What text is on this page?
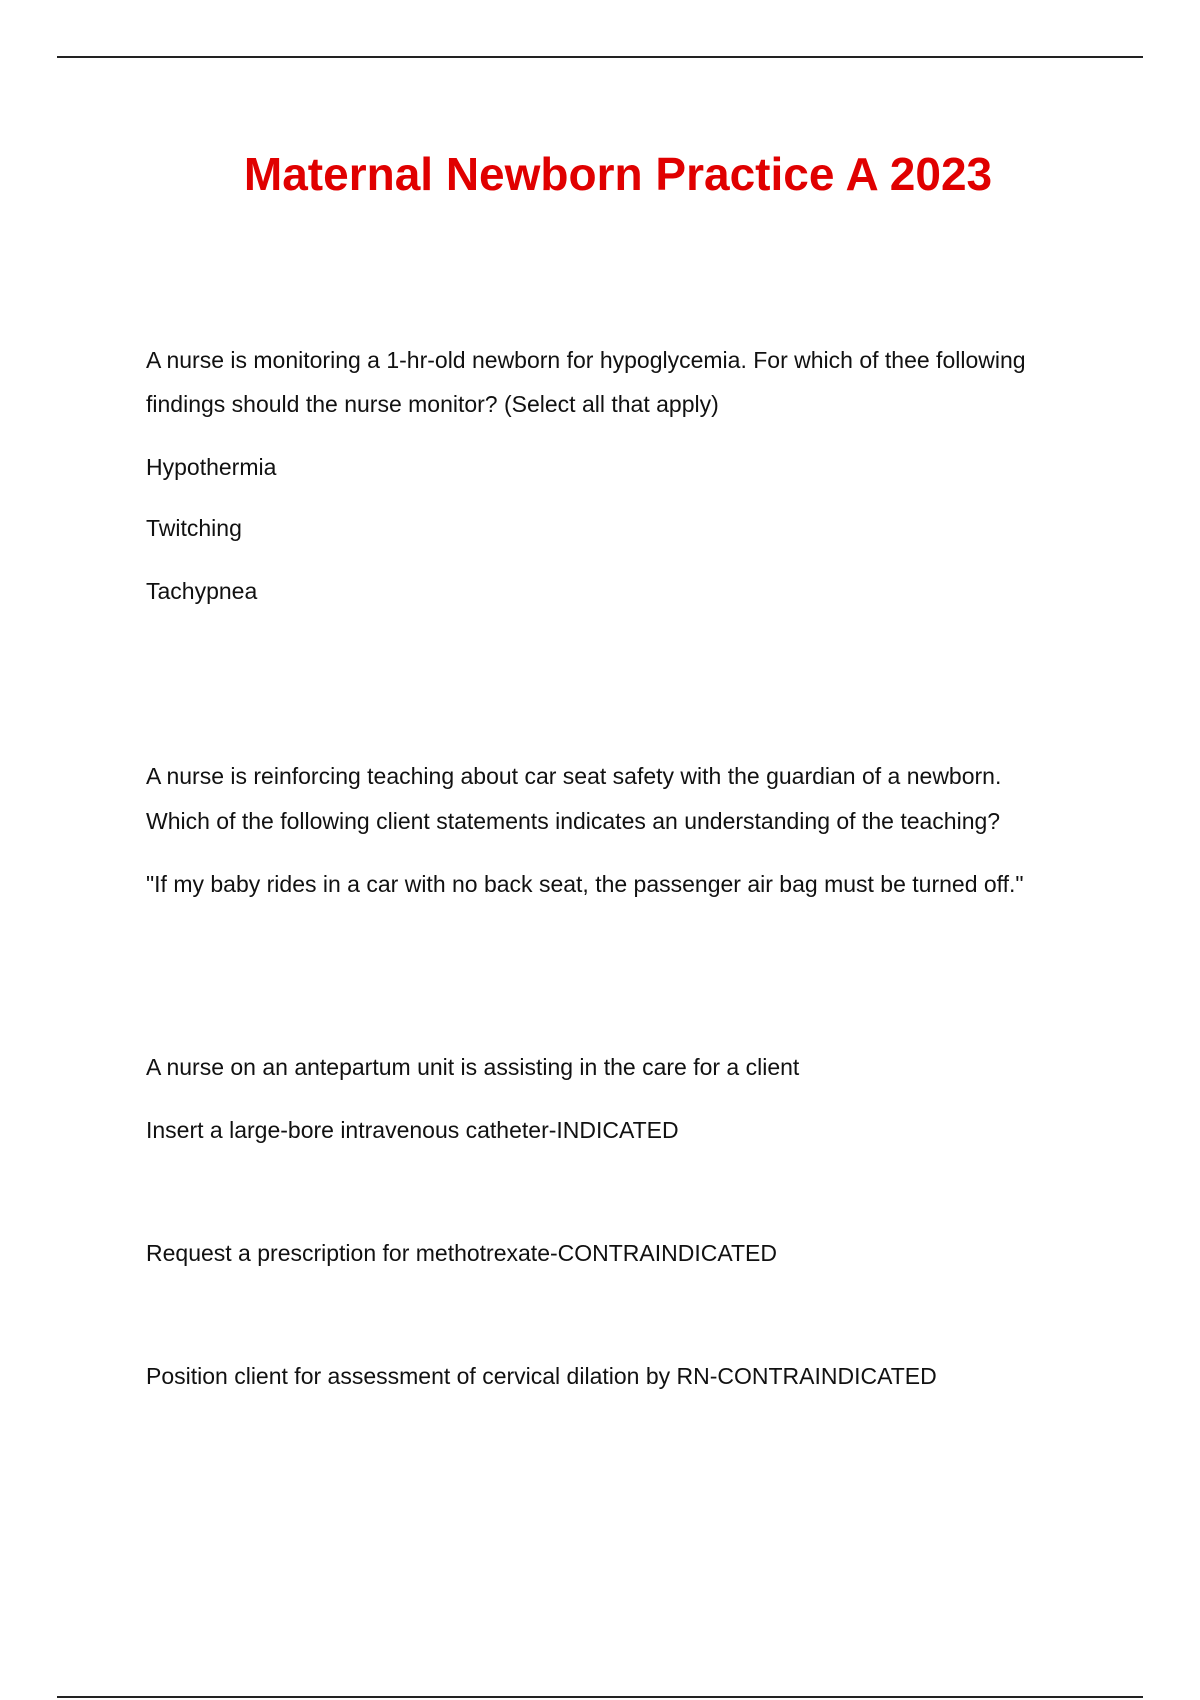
Maternal Newborn Practice A 2023

A nurse is monitoring a 1-hr-old newborn for hypoglycemia. For which of thee following

findings should the nurse monitor? (Select all that apply)

Hypothermia

Twitching

Tachypnea

A nurse is reinforcing teaching about car seat safety with the guardian of a newborn.

Which of the following client statements indicates an understanding of the teaching?

"If my baby rides in a car with no back seat, the passenger air bag must be turned off."

A nurse on an antepartum unit is assisting in the care for a client

Insert a large-bore intravenous catheter-INDICATED

Request a prescription for methotrexate-CONTRAINDICATED

Position client for assessment of cervical dilation by RN-CONTRAINDICATED
